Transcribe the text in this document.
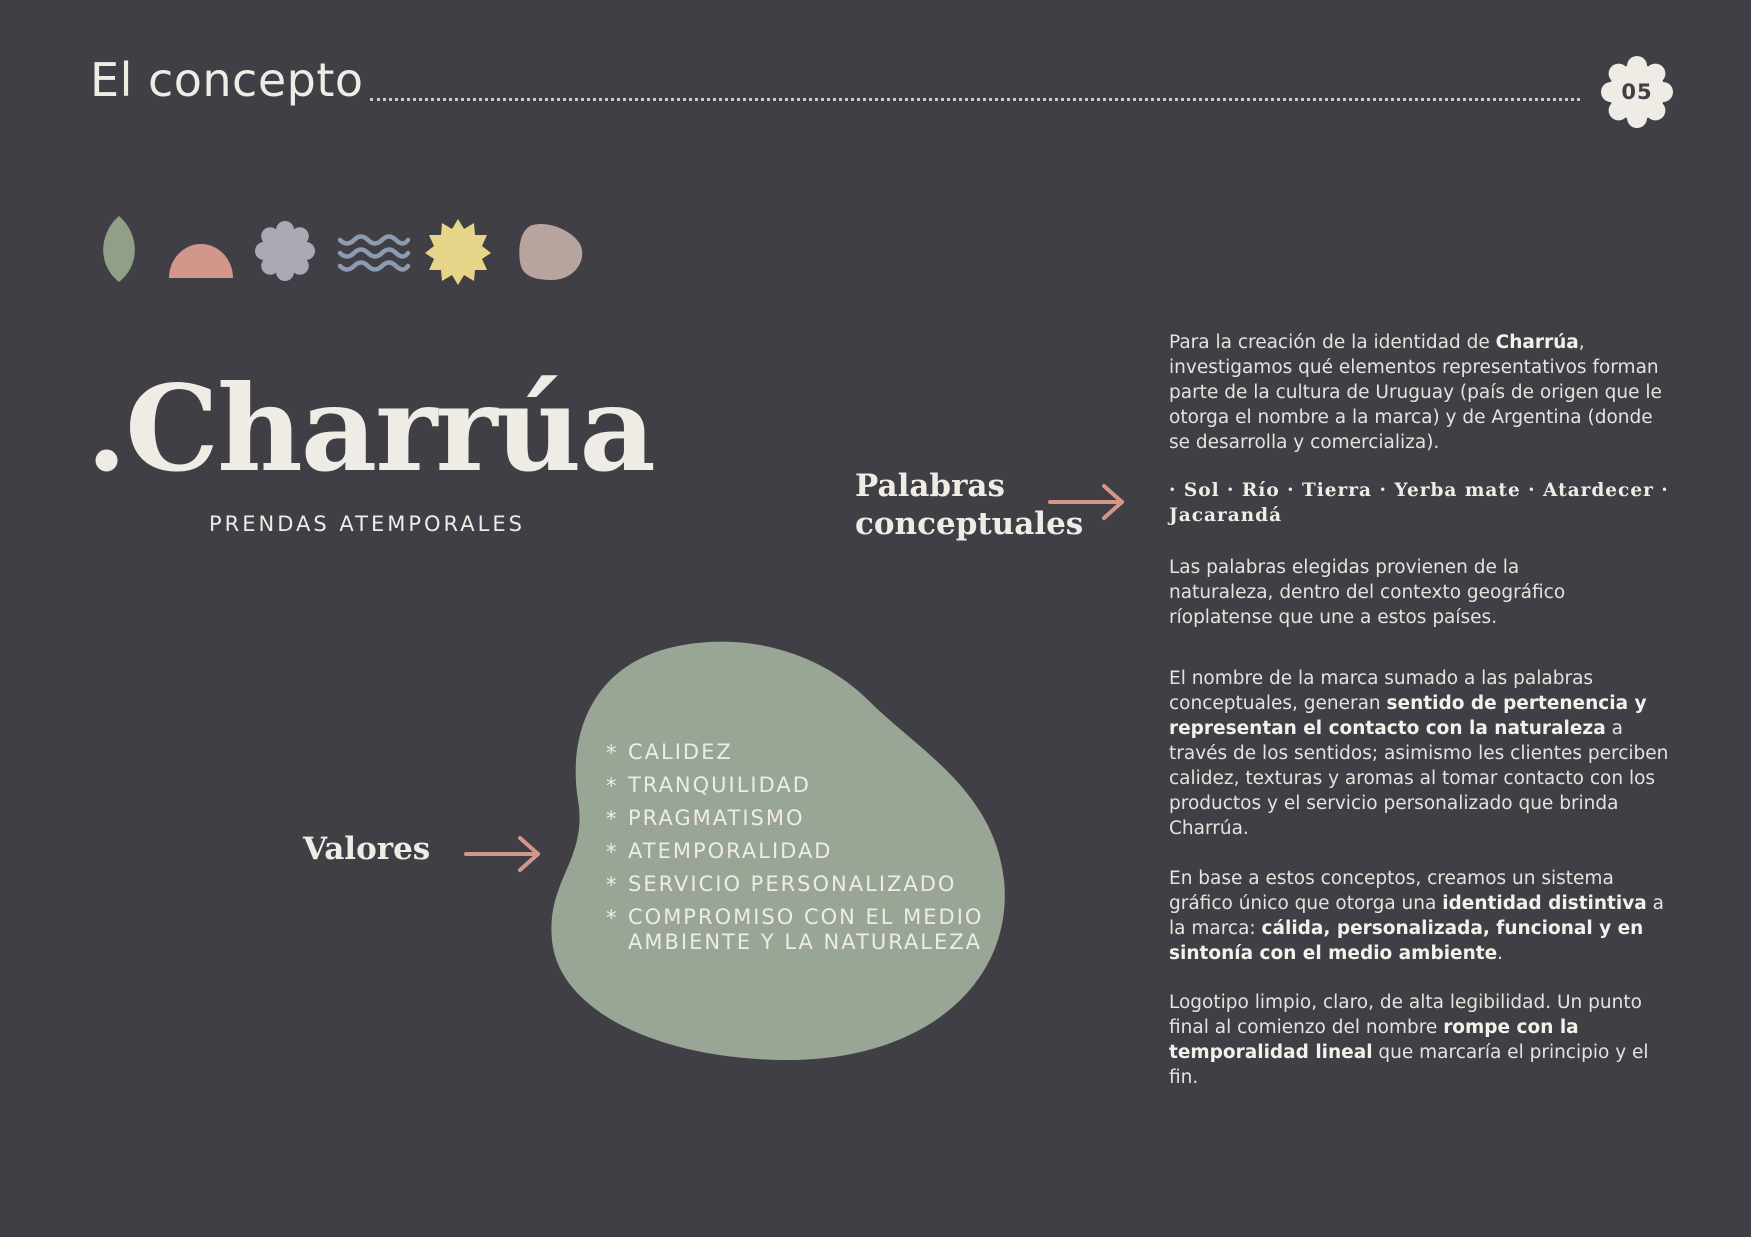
El concepto	05
.Charrúa
PRENDAS ATEMPORALES
Palabras conceptuales
Valores
* CALIDEZ
* TRANQUILIDAD
* PRAGMATISMO
* ATEMPORALIDAD
* SERVICIO PERSONALIZADO
* COMPROMISO CON EL MEDIO AMBIENTE Y LA NATURALEZA

Para la creación de la identidad de Charrúa, investigamos qué elementos representativos forman parte de la cultura de Uruguay (país de origen que le otorga el nombre a la marca) y de Argentina (donde se desarrolla y comercializa).

· Sol · Río · Tierra · Yerba mate · Atardecer · Jacarandá

Las palabras elegidas provienen de la naturaleza, dentro del contexto geográfico ríoplatense que une a estos países.

El nombre de la marca sumado a las palabras conceptuales, generan sentido de pertenencia y representan el contacto con la naturaleza a través de los sentidos; asimismo les clientes perciben calidez, texturas y aromas al tomar contacto con los productos y el servicio personalizado que brinda Charrúa.

En base a estos conceptos, creamos un sistema gráfico único que otorga una identidad distintiva a la marca: cálida, personalizada, funcional y en sintonía con el medio ambiente.

Logotipo limpio, claro, de alta legibilidad. Un punto final al comienzo del nombre rompe con la temporalidad lineal que marcaría el principio y el fin.
